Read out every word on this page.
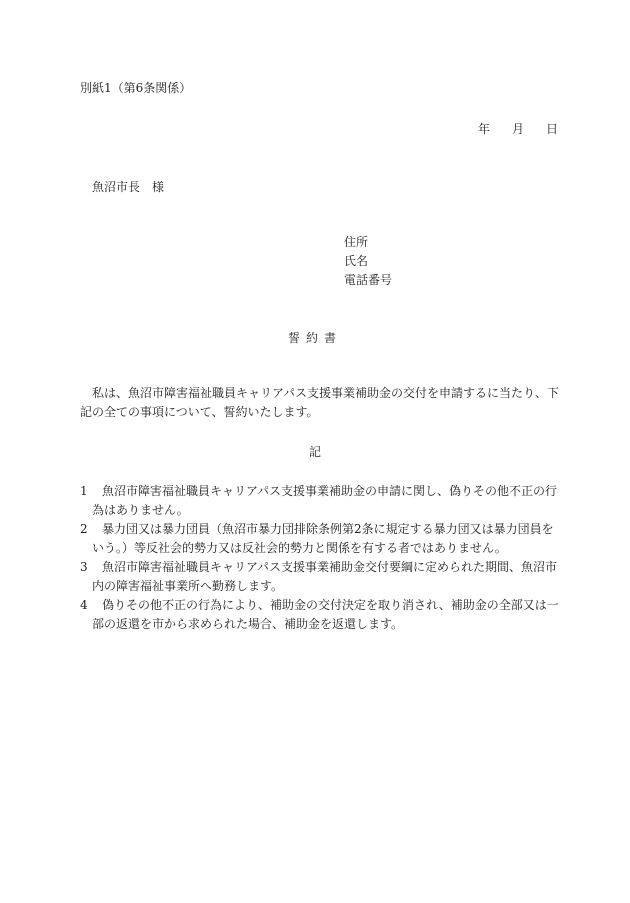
別紙1（第6条関係）
年 月 日
魚沼市長 様
住所
氏名
電話番号
誓約書
私は、魚沼市障害福祉職員キャリアパス支援事業補助金の交付を申請するに当たり、下記の全ての事項について、誓約いたします。
記
1	魚沼市障害福祉職員キャリアパス支援事業補助金の申請に関し、偽りその他不正の行為はありません。
2	暴力団又は暴力団員（魚沼市暴力団排除条例第2条に規定する暴力団又は暴力団員をいう。）等反社会的勢力又は反社会的勢力と関係を有する者ではありません。
3	魚沼市障害福祉職員キャリアパス支援事業補助金交付要綱に定められた期間、魚沼市内の障害福祉事業所へ勤務します。
4	偽りその他不正の行為により、補助金の交付決定を取り消され、補助金の全部又は一部の返還を市から求められた場合、補助金を返還します。
